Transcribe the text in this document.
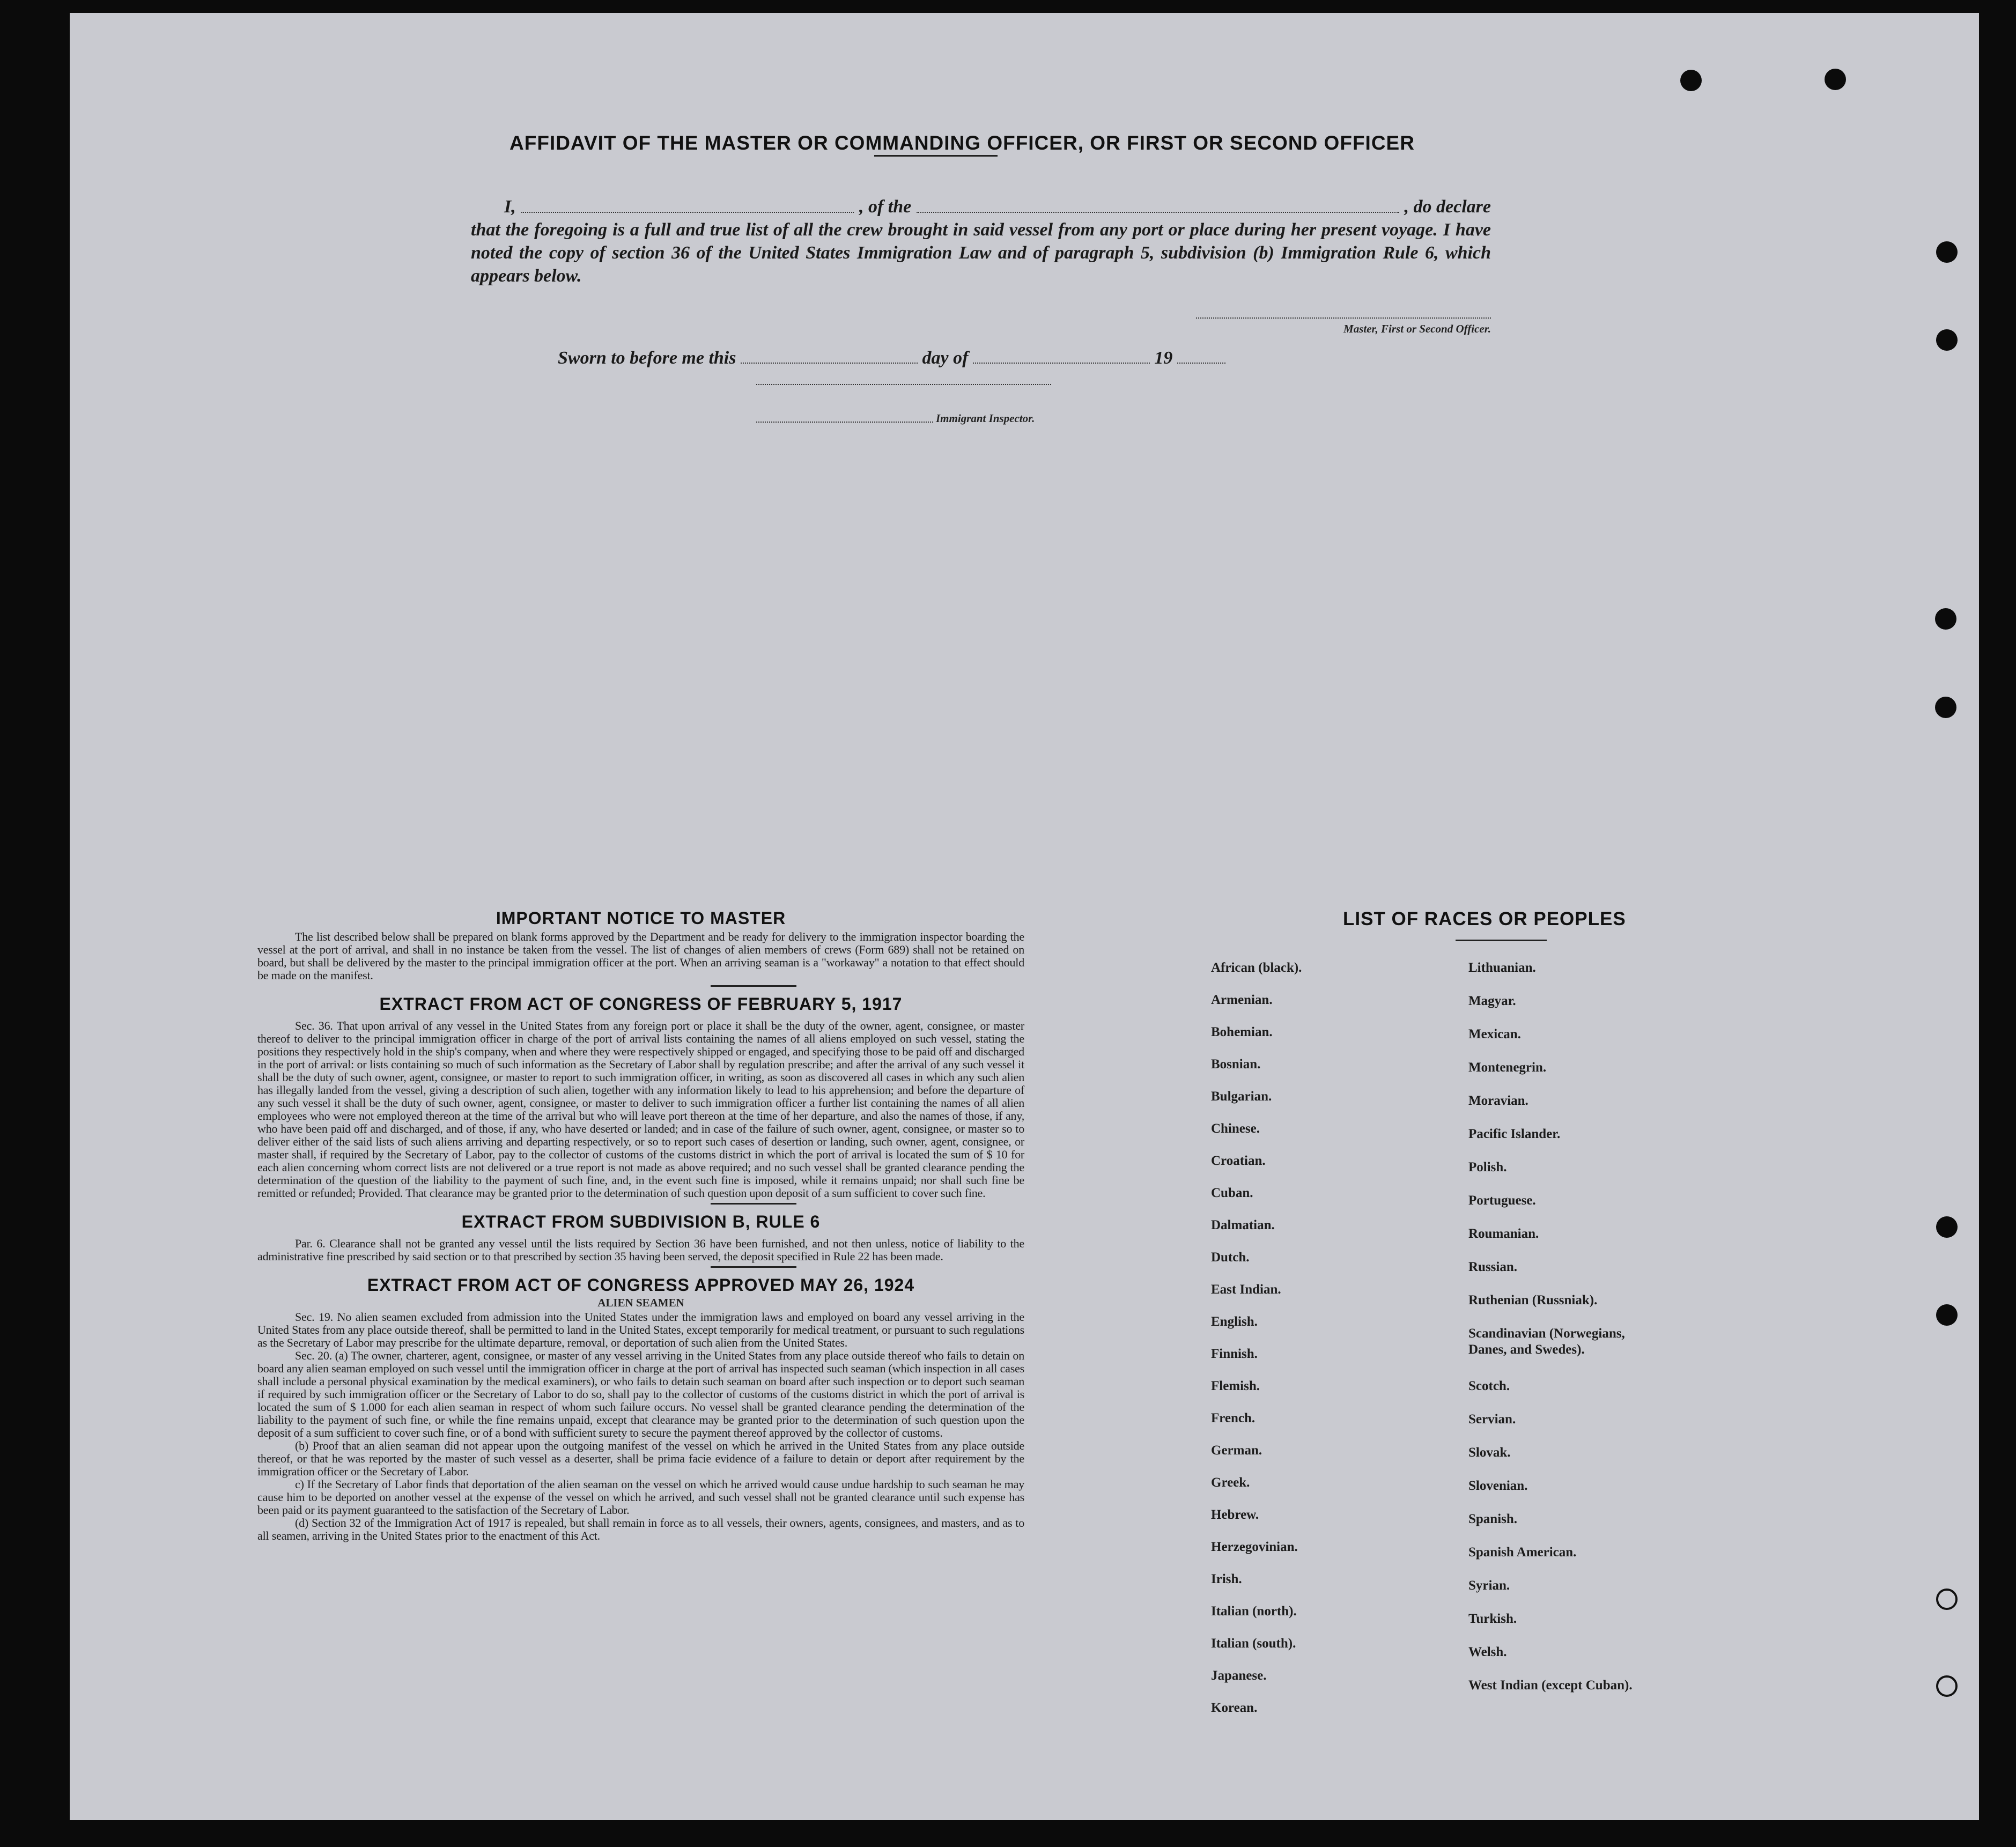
AFFIDAVIT OF THE MASTER OR COMMANDING OFFICER, OR FIRST OR SECOND OFFICER
I,	, of the	, do declare

that the foregoing is a full and true list of all the crew brought in said vessel from any port or place during her present voyage. I have noted the copy of section 36 of the United States Immigration Law and of paragraph 5, subdivision (b) Immigration Rule 6, which appears below.

Master, First or Second Officer.
Sworn to before me this	day of	19
Immigrant Inspector.
IMPORTANT NOTICE TO MASTER

The list described below shall be prepared on blank forms approved by the Department and be ready for delivery to the immigration inspector boarding the vessel at the port of arrival, and shall in no instance be taken from the vessel. The list of changes of alien members of crews (Form 689) shall not be retained on board, but shall be delivered by the master to the principal immigration officer at the port. When an arriving seaman is a "workaway" a notation to that effect should be made on the manifest.

EXTRACT FROM ACT OF CONGRESS OF FEBRUARY 5, 1917

Sec. 36. That upon arrival of any vessel in the United States from any foreign port or place it shall be the duty of the owner, agent, consignee, or master thereof to deliver to the principal immigration officer in charge of the port of arrival lists containing the names of all aliens employed on such vessel, stating the positions they respectively hold in the ship's company, when and where they were respectively shipped or engaged, and specifying those to be paid off and discharged in the port of arrival: or lists containing so much of such information as the Secretary of Labor shall by regulation prescribe; and after the arrival of any such vessel it shall be the duty of such owner, agent, consignee, or master to report to such immigration officer, in writing, as soon as discovered all cases in which any such alien has illegally landed from the vessel, giving a description of such alien, together with any information likely to lead to his apprehension; and before the departure of any such vessel it shall be the duty of such owner, agent, consignee, or master to deliver to such immigration officer a further list containing the names of all alien employees who were not employed thereon at the time of the arrival but who will leave port thereon at the time of her departure, and also the names of those, if any, who have been paid off and discharged, and of those, if any, who have deserted or landed; and in case of the failure of such owner, agent, consignee, or master so to deliver either of the said lists of such aliens arriving and departing respectively, or so to report such cases of desertion or landing, such owner, agent, consignee, or master shall, if required by the Secretary of Labor, pay to the collector of customs of the customs district in which the port of arrival is located the sum of $ 10 for each alien concerning whom correct lists are not delivered or a true report is not made as above required; and no such vessel shall be granted clearance pending the determination of the question of the liability to the payment of such fine, and, in the event such fine is imposed, while it remains unpaid; nor shall such fine be remitted or refunded; Provided. That clearance may be granted prior to the determination of such question upon deposit of a sum sufficient to cover such fine.

EXTRACT FROM SUBDIVISION B, RULE 6

Par. 6. Clearance shall not be granted any vessel until the lists required by Section 36 have been furnished, and not then unless, notice of liability to the administrative fine prescribed by said section or to that prescribed by section 35 having been served, the deposit specified in Rule 22 has been made.

EXTRACT FROM ACT OF CONGRESS APPROVED MAY 26, 1924
ALIEN SEAMEN

Sec. 19. No alien seamen excluded from admission into the United States under the immigration laws and employed on board any vessel arriving in the United States from any place outside thereof, shall be permitted to land in the United States, except temporarily for medical treatment, or pursuant to such regulations as the Secretary of Labor may prescribe for the ultimate departure, removal, or deportation of such alien from the United States.

Sec. 20. (a) The owner, charterer, agent, consignee, or master of any vessel arriving in the United States from any place outside thereof who fails to detain on board any alien seaman employed on such vessel until the immigration officer in charge at the port of arrival has inspected such seaman (which inspection in all cases shall include a personal physical examination by the medical examiners), or who fails to detain such seaman on board after such inspection or to deport such seaman if required by such immigration officer or the Secretary of Labor to do so, shall pay to the collector of customs of the customs district in which the port of arrival is located the sum of $ 1.000 for each alien seaman in respect of whom such failure occurs. No vessel shall be granted clearance pending the determination of the liability to the payment of such fine, or while the fine remains unpaid, except that clearance may be granted prior to the determination of such question upon the deposit of a sum sufficient to cover such fine, or of a bond with sufficient surety to secure the payment thereof approved by the collector of customs.

(b) Proof that an alien seaman did not appear upon the outgoing manifest of the vessel on which he arrived in the United States from any place outside thereof, or that he was reported by the master of such vessel as a deserter, shall be prima facie evidence of a failure to detain or deport after requirement by the immigration officer or the Secretary of Labor.

c) If the Secretary of Labor finds that deportation of the alien seaman on the vessel on which he arrived would cause undue hardship to such seaman he may cause him to be deported on another vessel at the expense of the vessel on which he arrived, and such vessel shall not be granted clearance until such expense has been paid or its payment guaranteed to the satisfaction of the Secretary of Labor.

(d) Section 32 of the Immigration Act of 1917 is repealed, but shall remain in force as to all vessels, their owners, agents, consignees, and masters, and as to all seamen, arriving in the United States prior to the enactment of this Act.

LIST OF RACES OR PEOPLES
African (black).
Armenian.
Bohemian.
Bosnian.
Bulgarian.
Chinese.
Croatian.
Cuban.
Dalmatian.
Dutch.
East Indian.
English.
Finnish.
Flemish.
French.
German.
Greek.
Hebrew.
Herzegovinian.
Irish.
Italian (north).
Italian (south).
Japanese.
Korean.
Lithuanian.
Magyar.
Mexican.
Montenegrin.
Moravian.
Pacific Islander.
Polish.
Portuguese.
Roumanian.
Russian.
Ruthenian (Russniak).
Scandinavian (Norwegians, Danes, and Swedes).
Scotch.
Servian.
Slovak.
Slovenian.
Spanish.
Spanish American.
Syrian.
Turkish.
Welsh.
West Indian (except Cuban).
